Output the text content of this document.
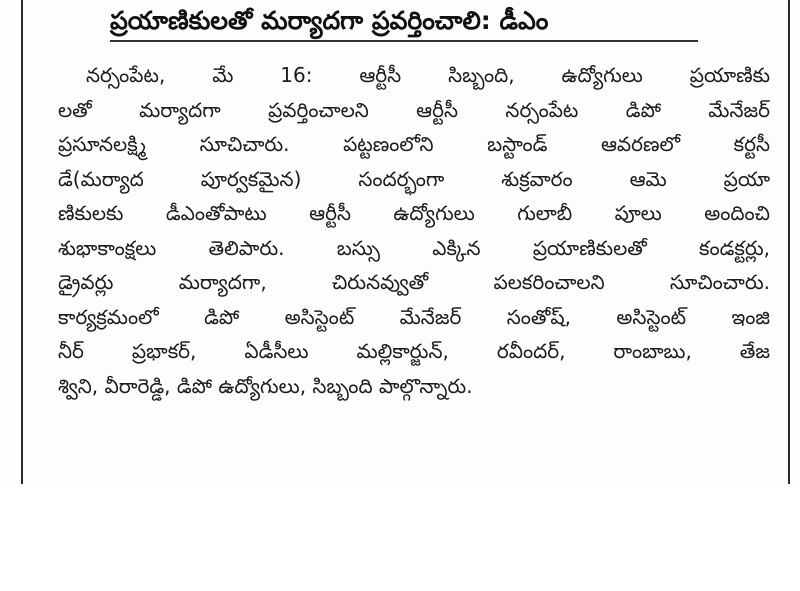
ప్రయాణికులతో మర్యాదగా ప్రవర్తించాలి: డీఎం
నర్సంపేట, మే 16: ఆర్టీసీ సిబ్బంది, ఉద్యోగులు ప్రయాణికు
లతో మర్యాదగా ప్రవర్తించాలని ఆర్టీసీ నర్సంపేట డిపో మేనేజర్
ప్రసూనలక్ష్మి సూచిచారు. పట్టణంలోని బస్టాండ్ ఆవరణలో కర్టసీ
డే(మర్యాద పూర్వకమైన) సందర్భంగా శుక్రవారం ఆమె ప్రయా
ణికులకు డీఎంతోపాటు ఆర్టీసీ ఉద్యోగులు గులాబీ పూలు అందించి
శుభాకాంక్షలు తెలిపారు. బస్సు ఎక్కిన ప్రయాణికులతో కండక్టర్లు,
డ్రైవర్లు మర్యాదగా, చిరునవ్వుతో పలకరించాలని సూచించారు.
కార్యక్రమంలో డిపో అసిస్టెంట్ మేనేజర్ సంతోష్, అసిస్టెంట్ ఇంజి
నీర్ ప్రభాకర్, ఏడీసీలు మల్లికార్జున్, రవీందర్, రాంబాబు, తేజ
శ్విని, వీరారెడ్డి, డిపో ఉద్యోగులు, సిబ్బంది పాల్గొన్నారు.
